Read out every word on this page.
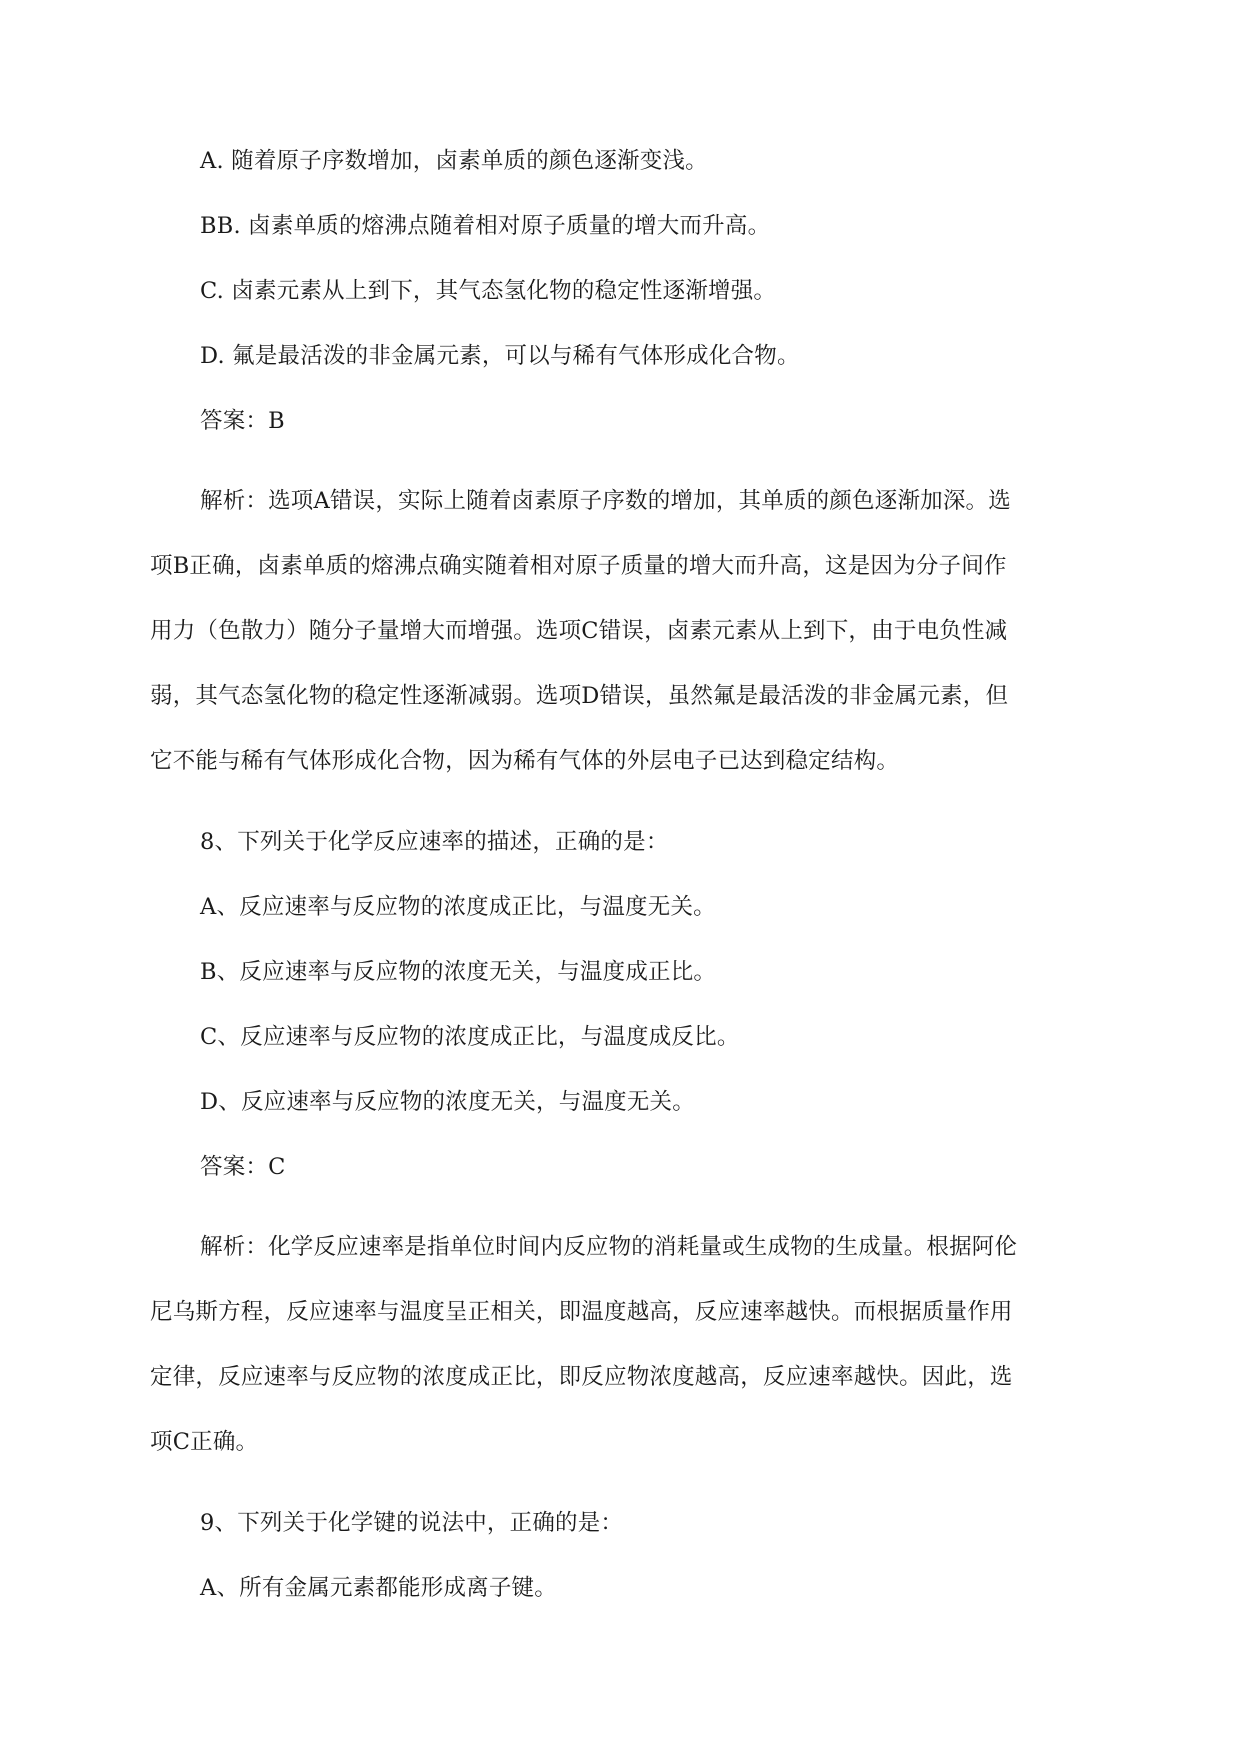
A. 随着原子序数增加，卤素单质的颜色逐渐变浅。

BB. 卤素单质的熔沸点随着相对原子质量的增大而升高。

C. 卤素元素从上到下，其气态氢化物的稳定性逐渐增强。

D. 氟是最活泼的非金属元素，可以与稀有气体形成化合物。

答案：B

解析：选项A错误，实际上随着卤素原子序数的增加，其单质的颜色逐渐加深。选
项B正确，卤素单质的熔沸点确实随着相对原子质量的增大而升高，这是因为分子间作
用力（色散力）随分子量增大而增强。选项C错误，卤素元素从上到下，由于电负性减
弱，其气态氢化物的稳定性逐渐减弱。选项D错误，虽然氟是最活泼的非金属元素，但
它不能与稀有气体形成化合物，因为稀有气体的外层电子已达到稳定结构。

8、下列关于化学反应速率的描述，正确的是：

A、反应速率与反应物的浓度成正比，与温度无关。

B、反应速率与反应物的浓度无关，与温度成正比。

C、反应速率与反应物的浓度成正比，与温度成反比。

D、反应速率与反应物的浓度无关，与温度无关。

答案：C

解析：化学反应速率是指单位时间内反应物的消耗量或生成物的生成量。根据阿伦
尼乌斯方程，反应速率与温度呈正相关，即温度越高，反应速率越快。而根据质量作用
定律，反应速率与反应物的浓度成正比，即反应物浓度越高，反应速率越快。因此，选
项C正确。

9、下列关于化学键的说法中，正确的是：

A、所有金属元素都能形成离子键。
